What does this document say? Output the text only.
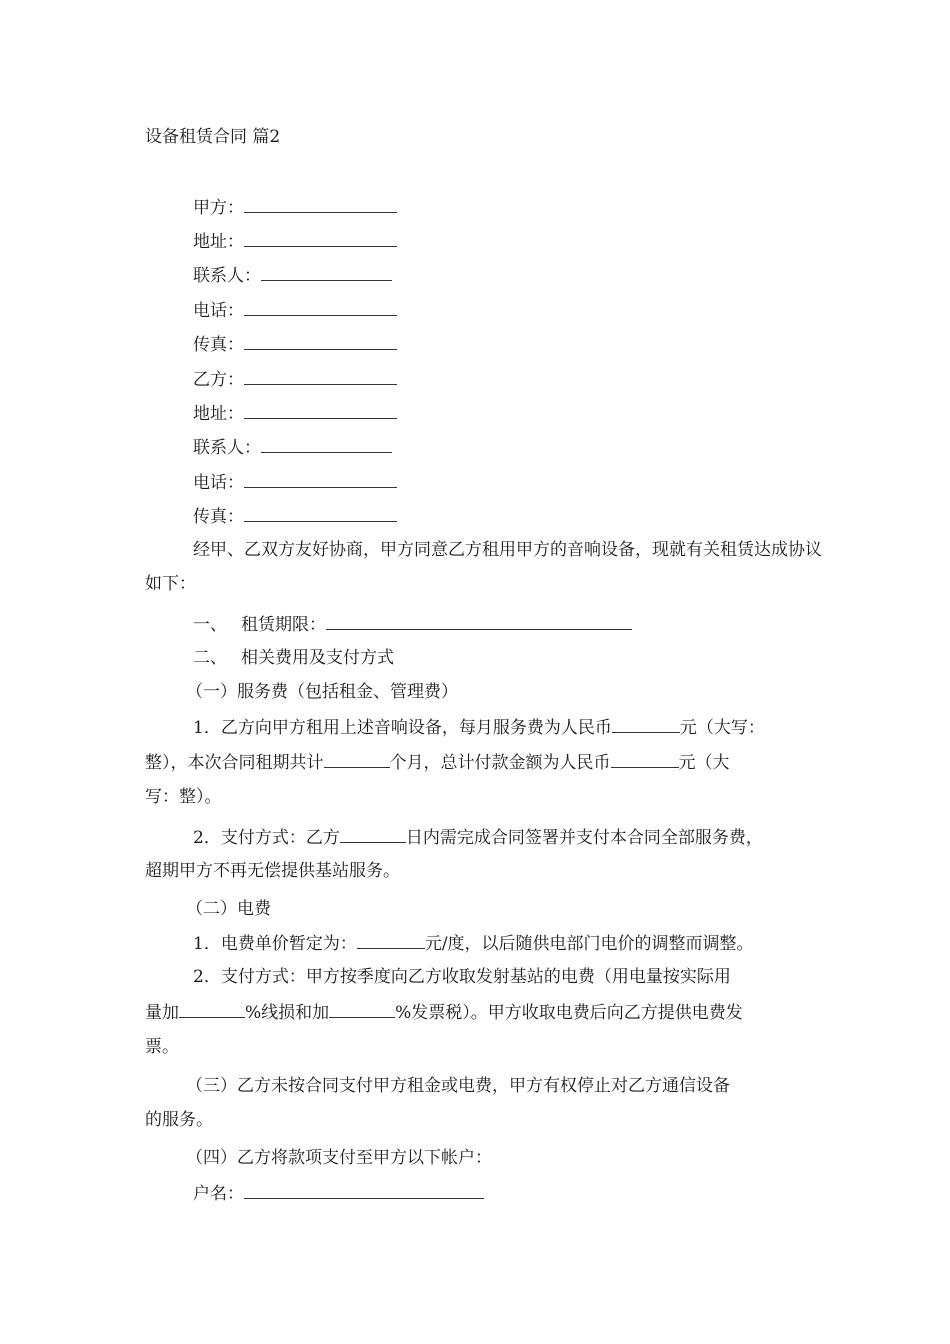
设备租赁合同 篇2
甲方：
地址：
联系人：
电话：
传真：
乙方：
地址：
联系人：
电话：
传真：
经甲、乙双方友好协商，甲方同意乙方租用甲方的音响设备，现就有关租赁达成协议如下：
一、 租赁期限：
二、 相关费用及支付方式
（一）服务费（包括租金、管理费）
1．乙方向甲方租用上述音响设备，每月服务费为人民币	元（大写：
整），本次合同租期共计	个月，总计付款金额为人民币	元（大
写：整）。
2．支付方式：乙方	日内需完成合同签署并支付本合同全部服务费，
超期甲方不再无偿提供基站服务。
（二）电费
1．电费单价暂定为：	元/度，以后随供电部门电价的调整而调整。
2．支付方式：甲方按季度向乙方收取发射基站的电费（用电量按实际用
量加	%线损和加	%发票税）。甲方收取电费后向乙方提供电费发
票。
（三）乙方未按合同支付甲方租金或电费，甲方有权停止对乙方通信设备
的服务。
（四）乙方将款项支付至甲方以下帐户：
户名：
